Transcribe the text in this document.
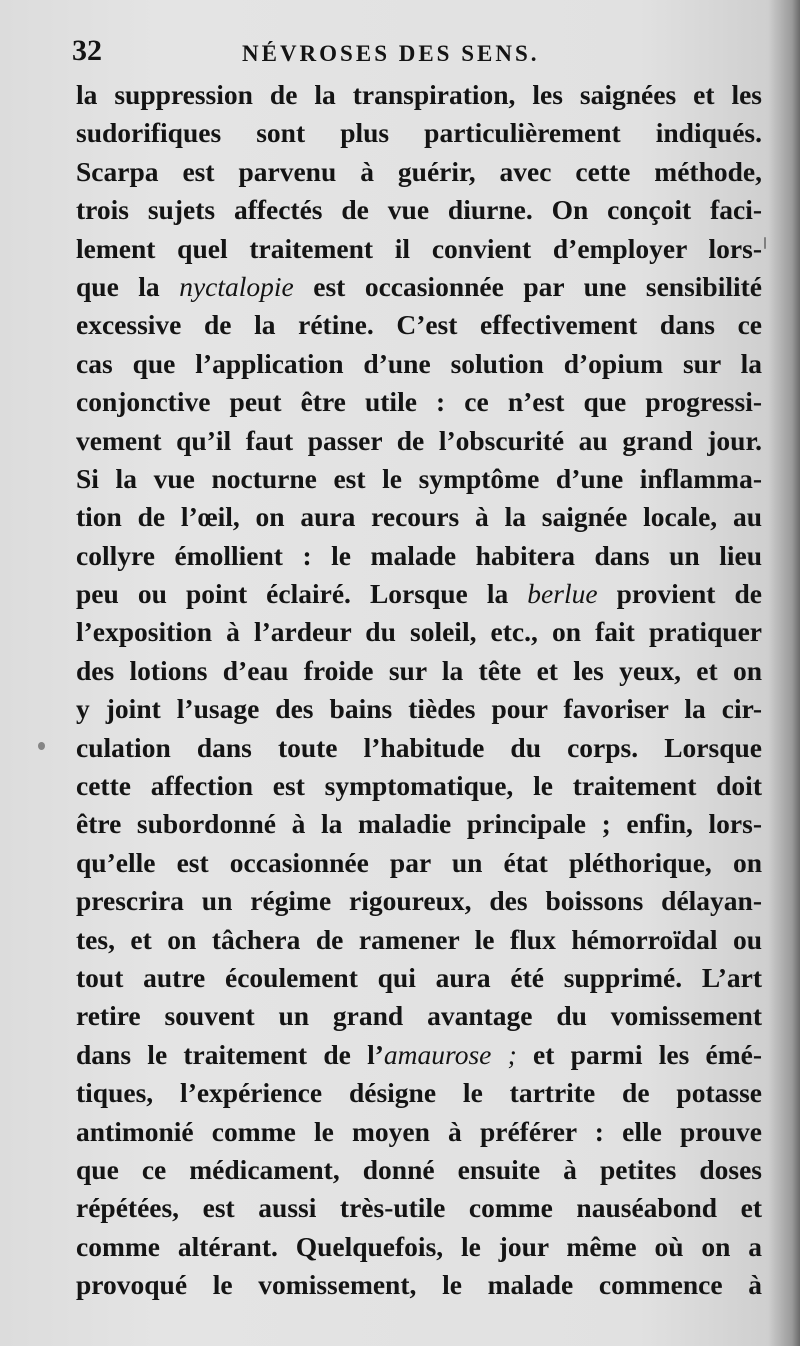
32	NÉVROSES DES SENS.
la suppression de la transpiration, les saignées et les
sudorifiques sont plus particulièrement indiqués.
Scarpa est parvenu à guérir, avec cette méthode,
trois sujets affectés de vue diurne. On conçoit faci-
lement quel traitement il convient d’employer lors-
que la nyctalopie est occasionnée par une sensibilité
excessive de la rétine. C’est effectivement dans ce
cas que l’application d’une solution d’opium sur la
conjonctive peut être utile : ce n’est que progressi-
vement qu’il faut passer de l’obscurité au grand jour.
Si la vue nocturne est le symptôme d’une inflamma-
tion de l’œil, on aura recours à la saignée locale, au
collyre émollient : le malade habitera dans un lieu
peu ou point éclairé. Lorsque la berlue provient de
l’exposition à l’ardeur du soleil, etc., on fait pratiquer
des lotions d’eau froide sur la tête et les yeux, et on
y joint l’usage des bains tièdes pour favoriser la cir-
culation dans toute l’habitude du corps. Lorsque
cette affection est symptomatique, le traitement doit
être subordonné à la maladie principale ; enfin, lors-
qu’elle est occasionnée par un état pléthorique, on
prescrira un régime rigoureux, des boissons délayan-
tes, et on tâchera de ramener le flux hémorroïdal ou
tout autre écoulement qui aura été supprimé. L’art
retire souvent un grand avantage du vomissement
dans le traitement de l’amaurose ; et parmi les émé-
tiques, l’expérience désigne le tartrite de potasse
antimonié comme le moyen à préférer : elle prouve
que ce médicament, donné ensuite à petites doses
répétées, est aussi très-utile comme nauséabond et
comme altérant. Quelquefois, le jour même où on a
provoqué le vomissement, le malade commence à
